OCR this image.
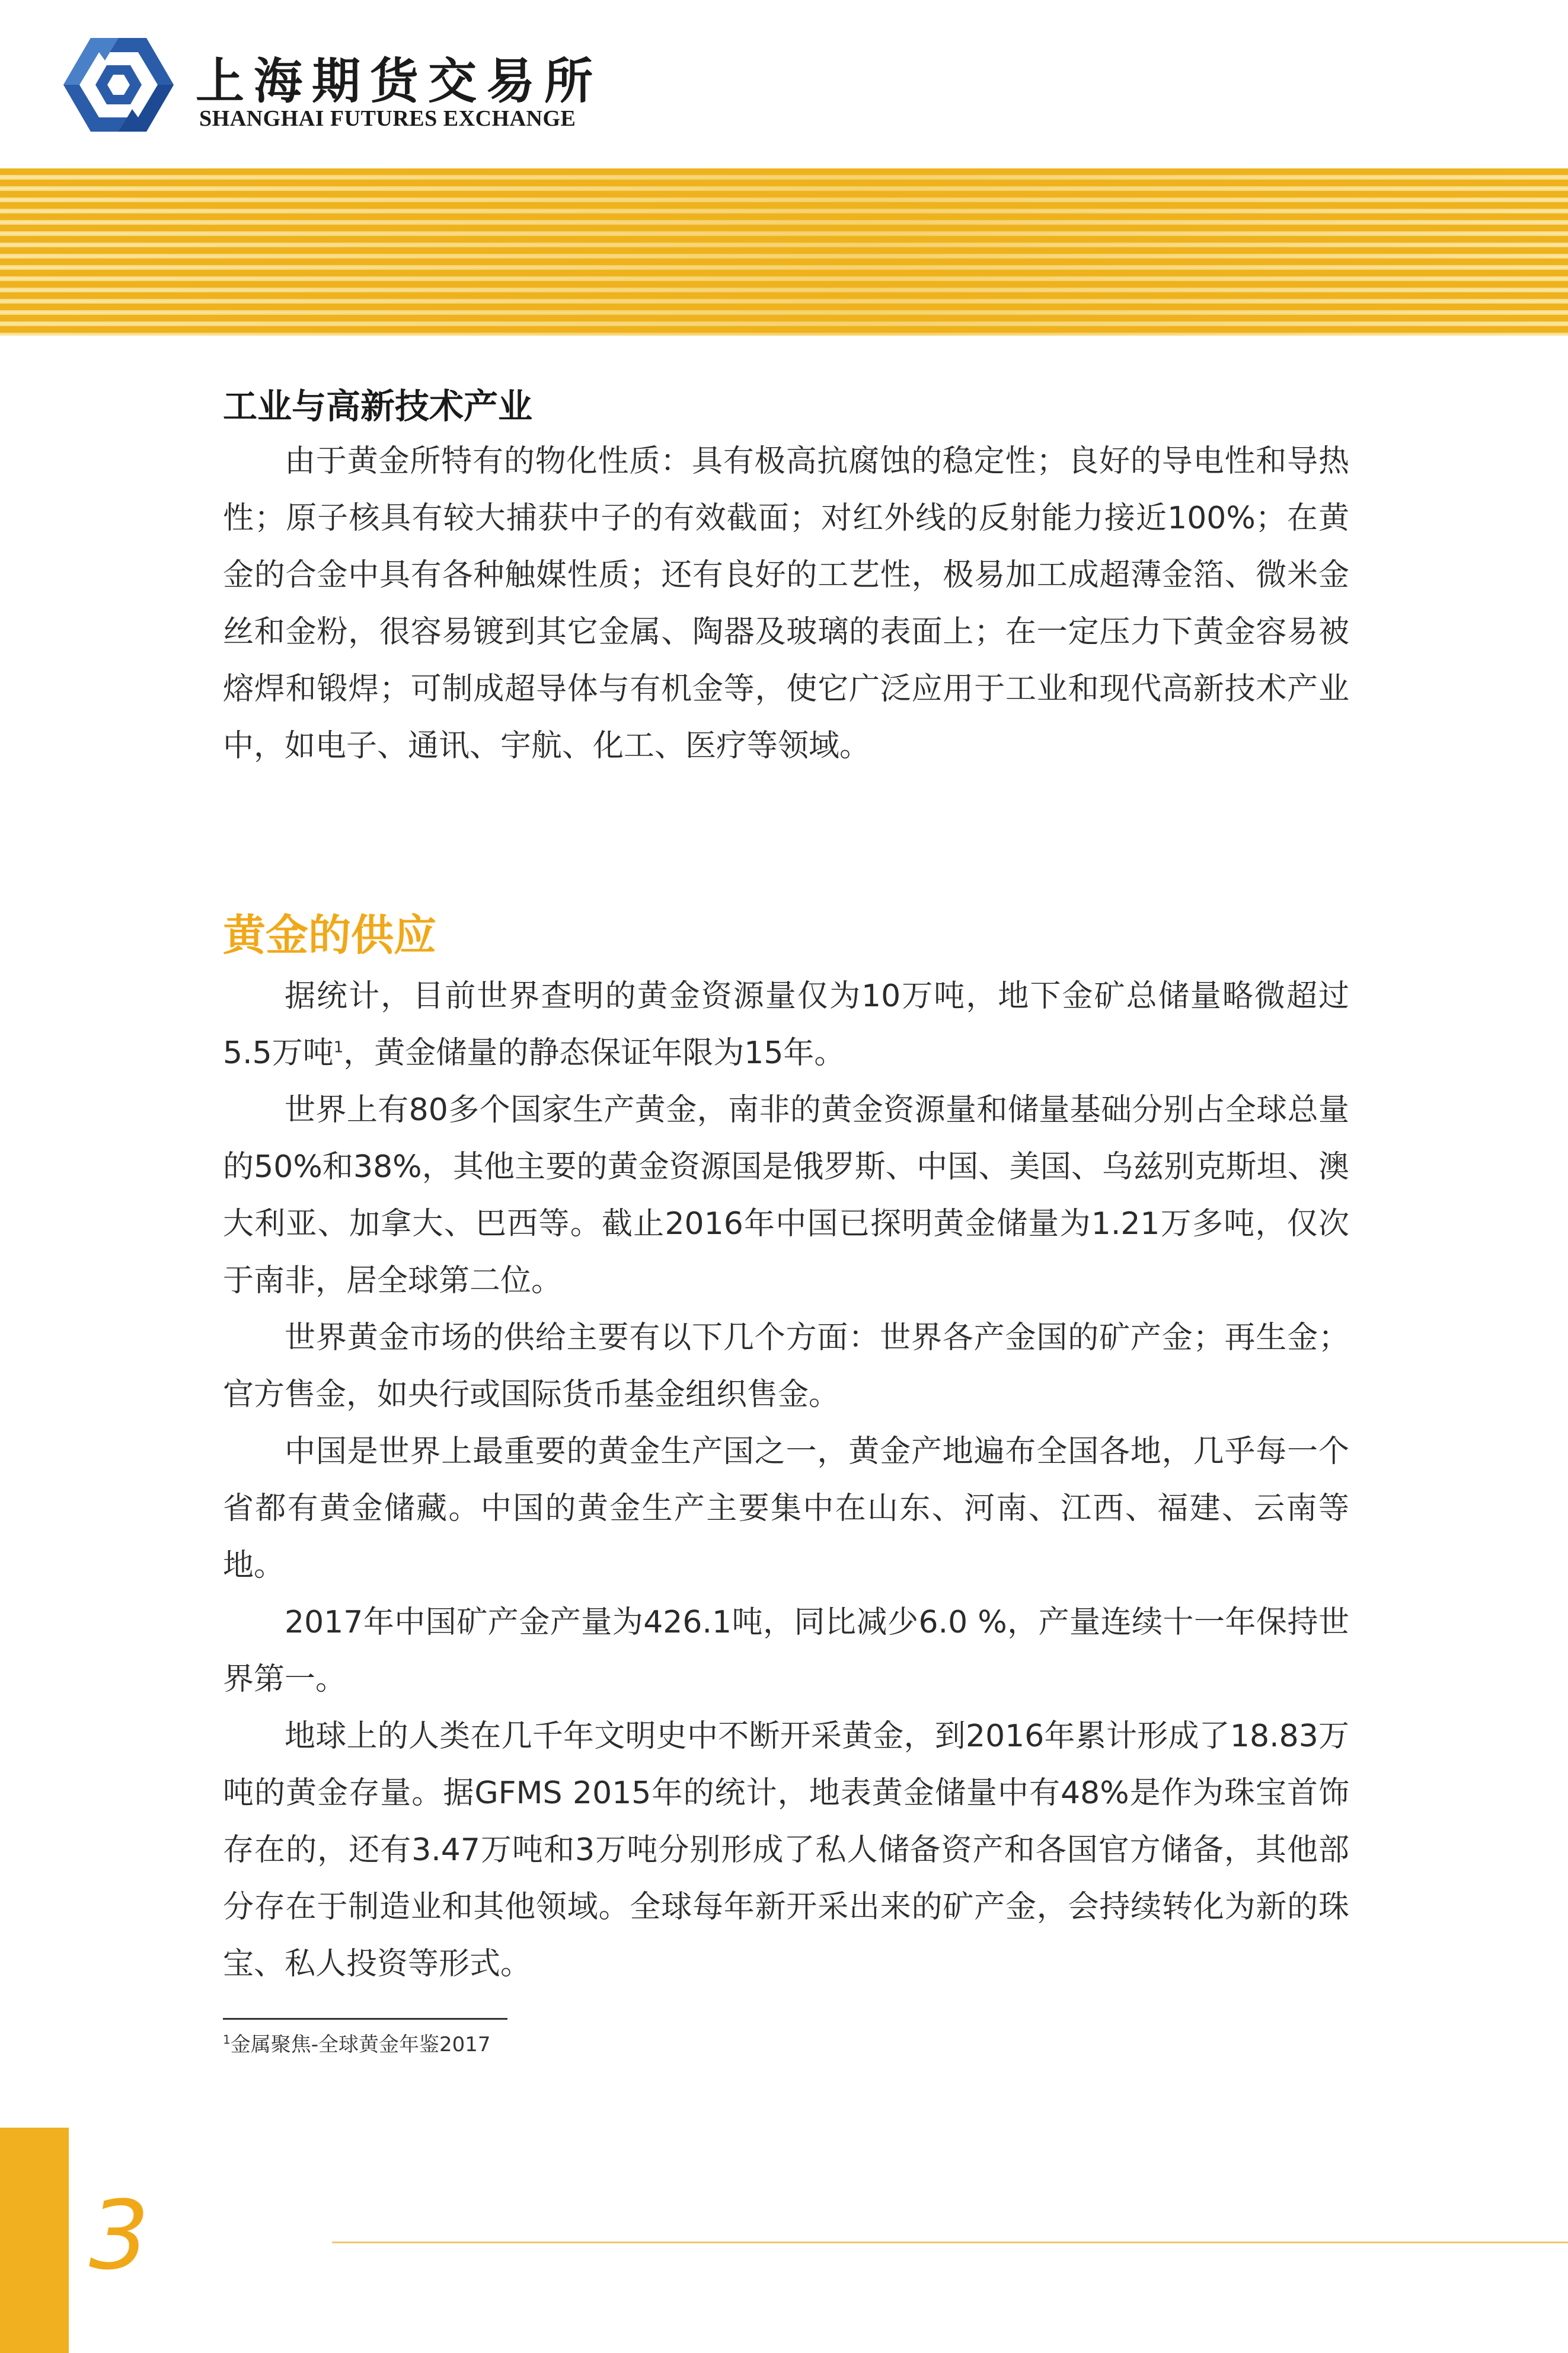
上海期货交易所
SHANGHAI FUTURES EXCHANGE
工业与高新技术产业

由于黄金所特有的物化性质：具有极高抗腐蚀的稳定性；良好的导电性和导热性；原子核具有较大捕获中子的有效截面；对红外线的反射能力接近100%；在黄金的合金中具有各种触媒性质；还有良好的工艺性，极易加工成超薄金箔、微米金丝和金粉，很容易镀到其它金属、陶器及玻璃的表面上；在一定压力下黄金容易被熔焊和锻焊；可制成超导体与有机金等，使它广泛应用于工业和现代高新技术产业中，如电子、通讯、宇航、化工、医疗等领域。

黄金的供应

据统计，目前世界查明的黄金资源量仅为10万吨，地下金矿总储量略微超过5.5万吨$^1$，黄金储量的静态保证年限为15年。

世界上有80多个国家生产黄金，南非的黄金资源量和储量基础分别占全球总量的50%和38%，其他主要的黄金资源国是俄罗斯、中国、美国、乌兹别克斯坦、澳大利亚、加拿大、巴西等。截止2016年中国已探明黄金储量为1.21万多吨，仅次于南非，居全球第二位。

世界黄金市场的供给主要有以下几个方面：世界各产金国的矿产金；再生金；官方售金，如央行或国际货币基金组织售金。

中国是世界上最重要的黄金生产国之一，黄金产地遍布全国各地，几乎每一个省都有黄金储藏。中国的黄金生产主要集中在山东、河南、江西、福建、云南等地。

2017年中国矿产金产量为426.1吨，同比减少6.0 %，产量连续十一年保持世界第一。

地球上的人类在几千年文明史中不断开采黄金，到2016年累计形成了18.83万吨的黄金存量。据GFMS 2015年的统计，地表黄金储量中有48%是作为珠宝首饰存在的，还有3.47万吨和3万吨分别形成了私人储备资产和各国官方储备，其他部分存在于制造业和其他领域。全球每年新开采出来的矿产金，会持续转化为新的珠宝、私人投资等形式。

$^1$金属聚焦-全球黄金年鉴2017
3
